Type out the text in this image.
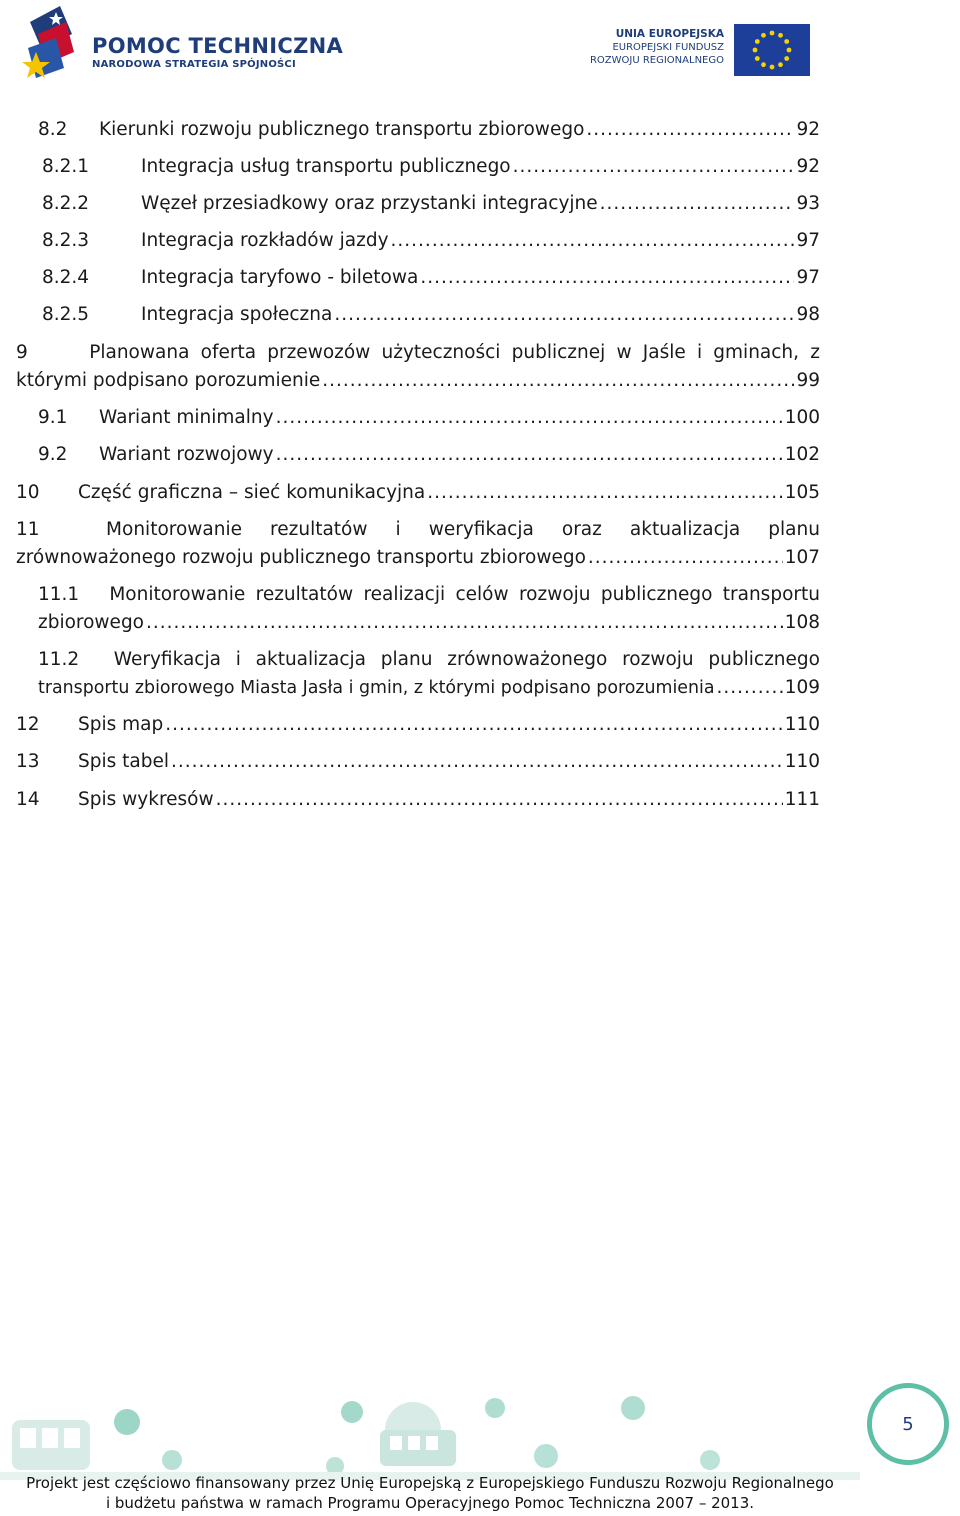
POMOC TECHNICZNA
NARODOWA STRATEGIA SPÓJNOŚCI
UNIA EUROPEJSKA
EUROPEJSKI FUNDUSZ
ROZWOJU REGIONALNEGO
8.2	Kierunki rozwoju publicznego transportu zbiorowego .....	92
8.2.1	Integracja usług transportu publicznego .....	92
8.2.2	Węzeł przesiadkowy oraz przystanki integracyjne .....	93
8.2.3	Integracja rozkładów jazdy .....	97
8.2.4	Integracja taryfowo - biletowa .....	97
8.2.5	Integracja społeczna .....	98
9	Planowana oferta przewozów użyteczności publicznej w Jaśle i gminach, z
którymi podpisano porozumienie .....	99
9.1	Wariant minimalny .....	100
9.2	Wariant rozwojowy .....	102
10	Część graficzna – sieć komunikacyjna .....	105
11	Monitorowanie rezultatów i weryfikacja oraz aktualizacja planu
zrównoważonego rozwoju publicznego transportu zbiorowego .....	107
11.1	Monitorowanie rezultatów realizacji celów rozwoju publicznego transportu
zbiorowego .....	108
11.2	Weryfikacja i aktualizacja planu zrównoważonego rozwoju publicznego
transportu zbiorowego Miasta Jasła i gmin, z którymi podpisano porozumienia .....	109
12	Spis map .....	110
13	Spis tabel .....	110
14	Spis wykresów .....	111
5
Projekt jest częściowo finansowany przez Unię Europejską z Europejskiego Funduszu Rozwoju Regionalnego
i budżetu państwa w ramach Programu Operacyjnego Pomoc Techniczna 2007 – 2013.
